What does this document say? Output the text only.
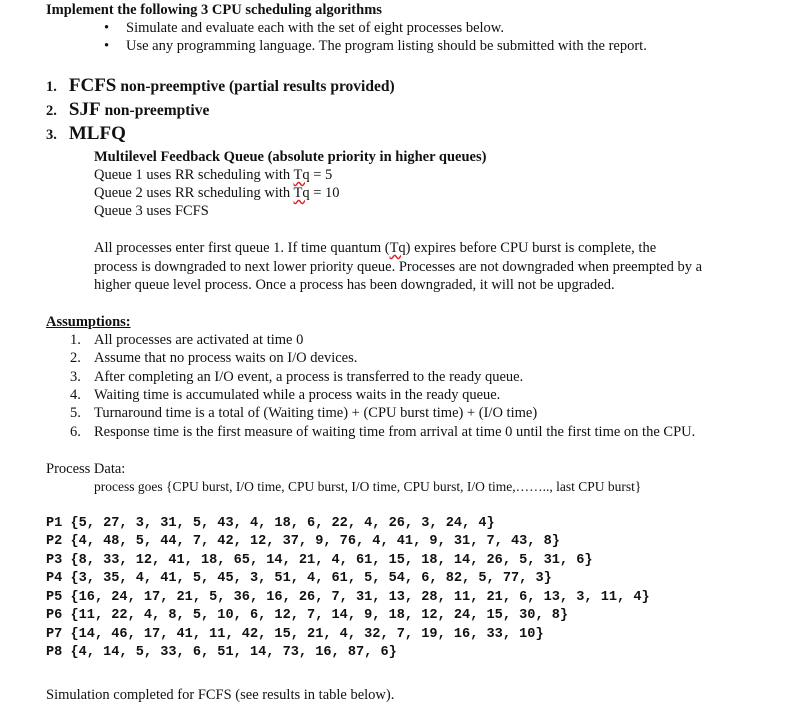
Implement the following 3 CPU scheduling algorithms
• Simulate and evaluate each with the set of eight processes below.
• Use any programming language. The program listing should be submitted with the report.
1. FCFS non-preemptive (partial results provided)
2. SJF non-preemptive
3. MLFQ
Multilevel Feedback Queue (absolute priority in higher queues)
Queue 1 uses RR scheduling with Tq = 5
Queue 2 uses RR scheduling with Tq = 10
Queue 3 uses FCFS
All processes enter first queue 1. If time quantum (Tq) expires before CPU burst is complete, the
process is downgraded to next lower priority queue. Processes are not downgraded when preempted by a
higher queue level process. Once a process has been downgraded, it will not be upgraded.
Assumptions:
1. All processes are activated at time 0
2. Assume that no process waits on I/O devices.
3. After completing an I/O event, a process is transferred to the ready queue.
4. Waiting time is accumulated while a process waits in the ready queue.
5. Turnaround time is a total of (Waiting time) + (CPU burst time) + (I/O time)
6. Response time is the first measure of waiting time from arrival at time 0 until the first time on the CPU.
Process Data:
process goes {CPU burst, I/O time, CPU burst, I/O time, CPU burst, I/O time,…….., last CPU burst}
P1 {5, 27, 3, 31, 5, 43, 4, 18, 6, 22, 4, 26, 3, 24, 4}
P2 {4, 48, 5, 44, 7, 42, 12, 37, 9, 76, 4, 41, 9, 31, 7, 43, 8}
P3 {8, 33, 12, 41, 18, 65, 14, 21, 4, 61, 15, 18, 14, 26, 5, 31, 6}
P4 {3, 35, 4, 41, 5, 45, 3, 51, 4, 61, 5, 54, 6, 82, 5, 77, 3}
P5 {16, 24, 17, 21, 5, 36, 16, 26, 7, 31, 13, 28, 11, 21, 6, 13, 3, 11, 4}
P6 {11, 22, 4, 8, 5, 10, 6, 12, 7, 14, 9, 18, 12, 24, 15, 30, 8}
P7 {14, 46, 17, 41, 11, 42, 15, 21, 4, 32, 7, 19, 16, 33, 10}
P8 {4, 14, 5, 33, 6, 51, 14, 73, 16, 87, 6}
Simulation completed for FCFS (see results in table below).
